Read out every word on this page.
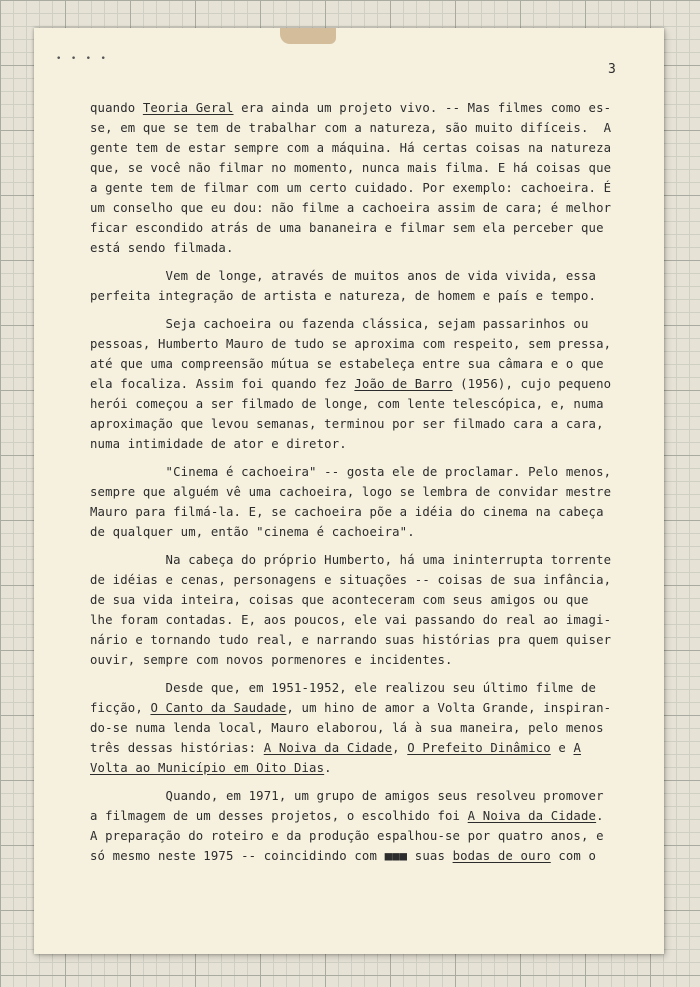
• • • •
3
quando Teoria Geral era ainda um projeto vivo. -- Mas filmes como es-
se, em que se tem de trabalhar com a natureza, são muito difíceis.  A
gente tem de estar sempre com a máquina. Há certas coisas na natureza
que, se você não filmar no momento, nunca mais filma. E há coisas que
a gente tem de filmar com um certo cuidado. Por exemplo: cachoeira. É
um conselho que eu dou: não filme a cachoeira assim de cara; é melhor
ficar escondido atrás de uma bananeira e filmar sem ela perceber que
está sendo filmada.
Vem de longe, através de muitos anos de vida vivida, essa
perfeita integração de artista e natureza, de homem e país e tempo.
Seja cachoeira ou fazenda clássica, sejam passarinhos ou
pessoas, Humberto Mauro de tudo se aproxima com respeito, sem pressa,
até que uma compreensão mútua se estabeleça entre sua câmara e o que
ela focaliza. Assim foi quando fez João de Barro (1956), cujo pequeno
herói começou a ser filmado de longe, com lente telescópica, e, numa
aproximação que levou semanas, terminou por ser filmado cara a cara,
numa intimidade de ator e diretor.
"Cinema é cachoeira" -- gosta ele de proclamar. Pelo menos,
sempre que alguém vê uma cachoeira, logo se lembra de convidar mestre
Mauro para filmá-la. E, se cachoeira põe a idéia do cinema na cabeça
de qualquer um, então "cinema é cachoeira".
Na cabeça do próprio Humberto, há uma ininterrupta torrente
de idéias e cenas, personagens e situações -- coisas de sua infância,
de sua vida inteira, coisas que aconteceram com seus amigos ou que
lhe foram contadas. E, aos poucos, ele vai passando do real ao imagi-
nário e tornando tudo real, e narrando suas histórias pra quem quiser
ouvir, sempre com novos pormenores e incidentes.
Desde que, em 1951-1952, ele realizou seu último filme de
ficção, O Canto da Saudade, um hino de amor a Volta Grande, inspiran-
do-se numa lenda local, Mauro elaborou, lá à sua maneira, pelo menos
três dessas histórias: A Noiva da Cidade, O Prefeito Dinâmico e A
Volta ao Município em Oito Dias.
Quando, em 1971, um grupo de amigos seus resolveu promover
a filmagem de um desses projetos, o escolhido foi A Noiva da Cidade.
A preparação do roteiro e da produção espalhou-se por quatro anos, e
só mesmo neste 1975 -- coincidindo com ■■■ suas bodas de ouro com o
